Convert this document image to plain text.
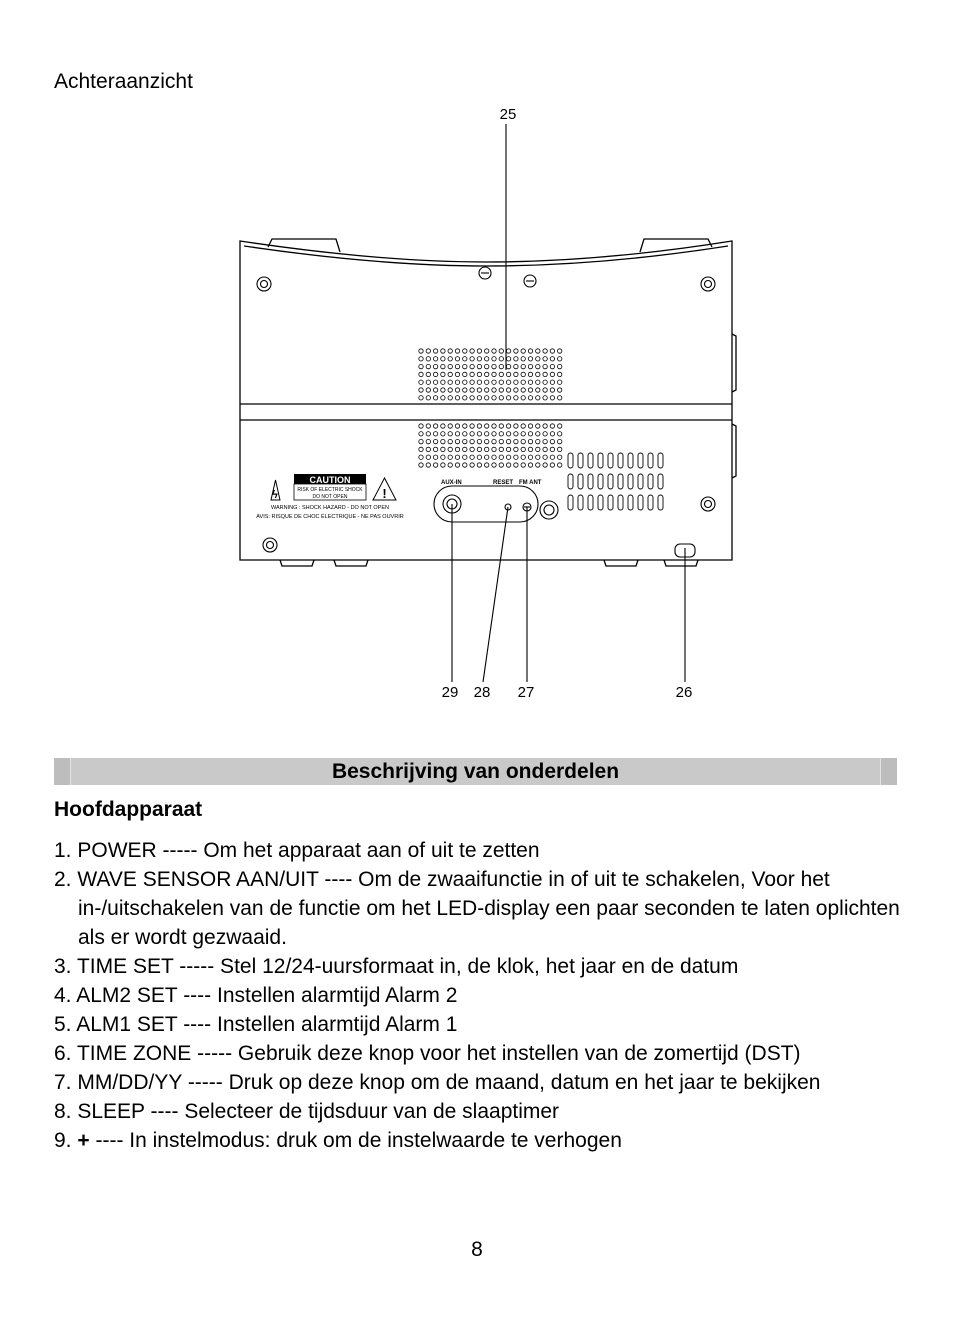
Achteraanzicht
ϟ
CAUTION
RISK OF ELECTRIC SHOCK
DO NOT OPEN	!
WARNING : SHOCK HAZARD - DO NOT OPEN
AVIS: RISQUE DE CHOC ÉLECTRIQUE - NE PAS OUVRIR
AUX-IN	RESET FM ANT
25
29 28 27	26
Beschrijving van onderdelen
Hoofdapparaat
1. POWER ----- Om het apparaat aan of uit te zetten
2. WAVE SENSOR AAN/UIT ---- Om de zwaaifunctie in of uit te schakelen, Voor het in-/uitschakelen van de functie om het LED-display een paar seconden te laten oplichten als er wordt gezwaaid.
3. TIME SET ----- Stel 12/24-uursformaat in, de klok, het jaar en de datum
4. ALM2 SET ---- Instellen alarmtijd Alarm 2
5. ALM1 SET ---- Instellen alarmtijd Alarm 1
6. TIME ZONE ----- Gebruik deze knop voor het instellen van de zomertijd (DST)
7. MM/DD/YY ----- Druk op deze knop om de maand, datum en het jaar te bekijken
8. SLEEP ---- Selecteer de tijdsduur van de slaaptimer
9. + ---- In instelmodus: druk om de instelwaarde te verhogen
8
